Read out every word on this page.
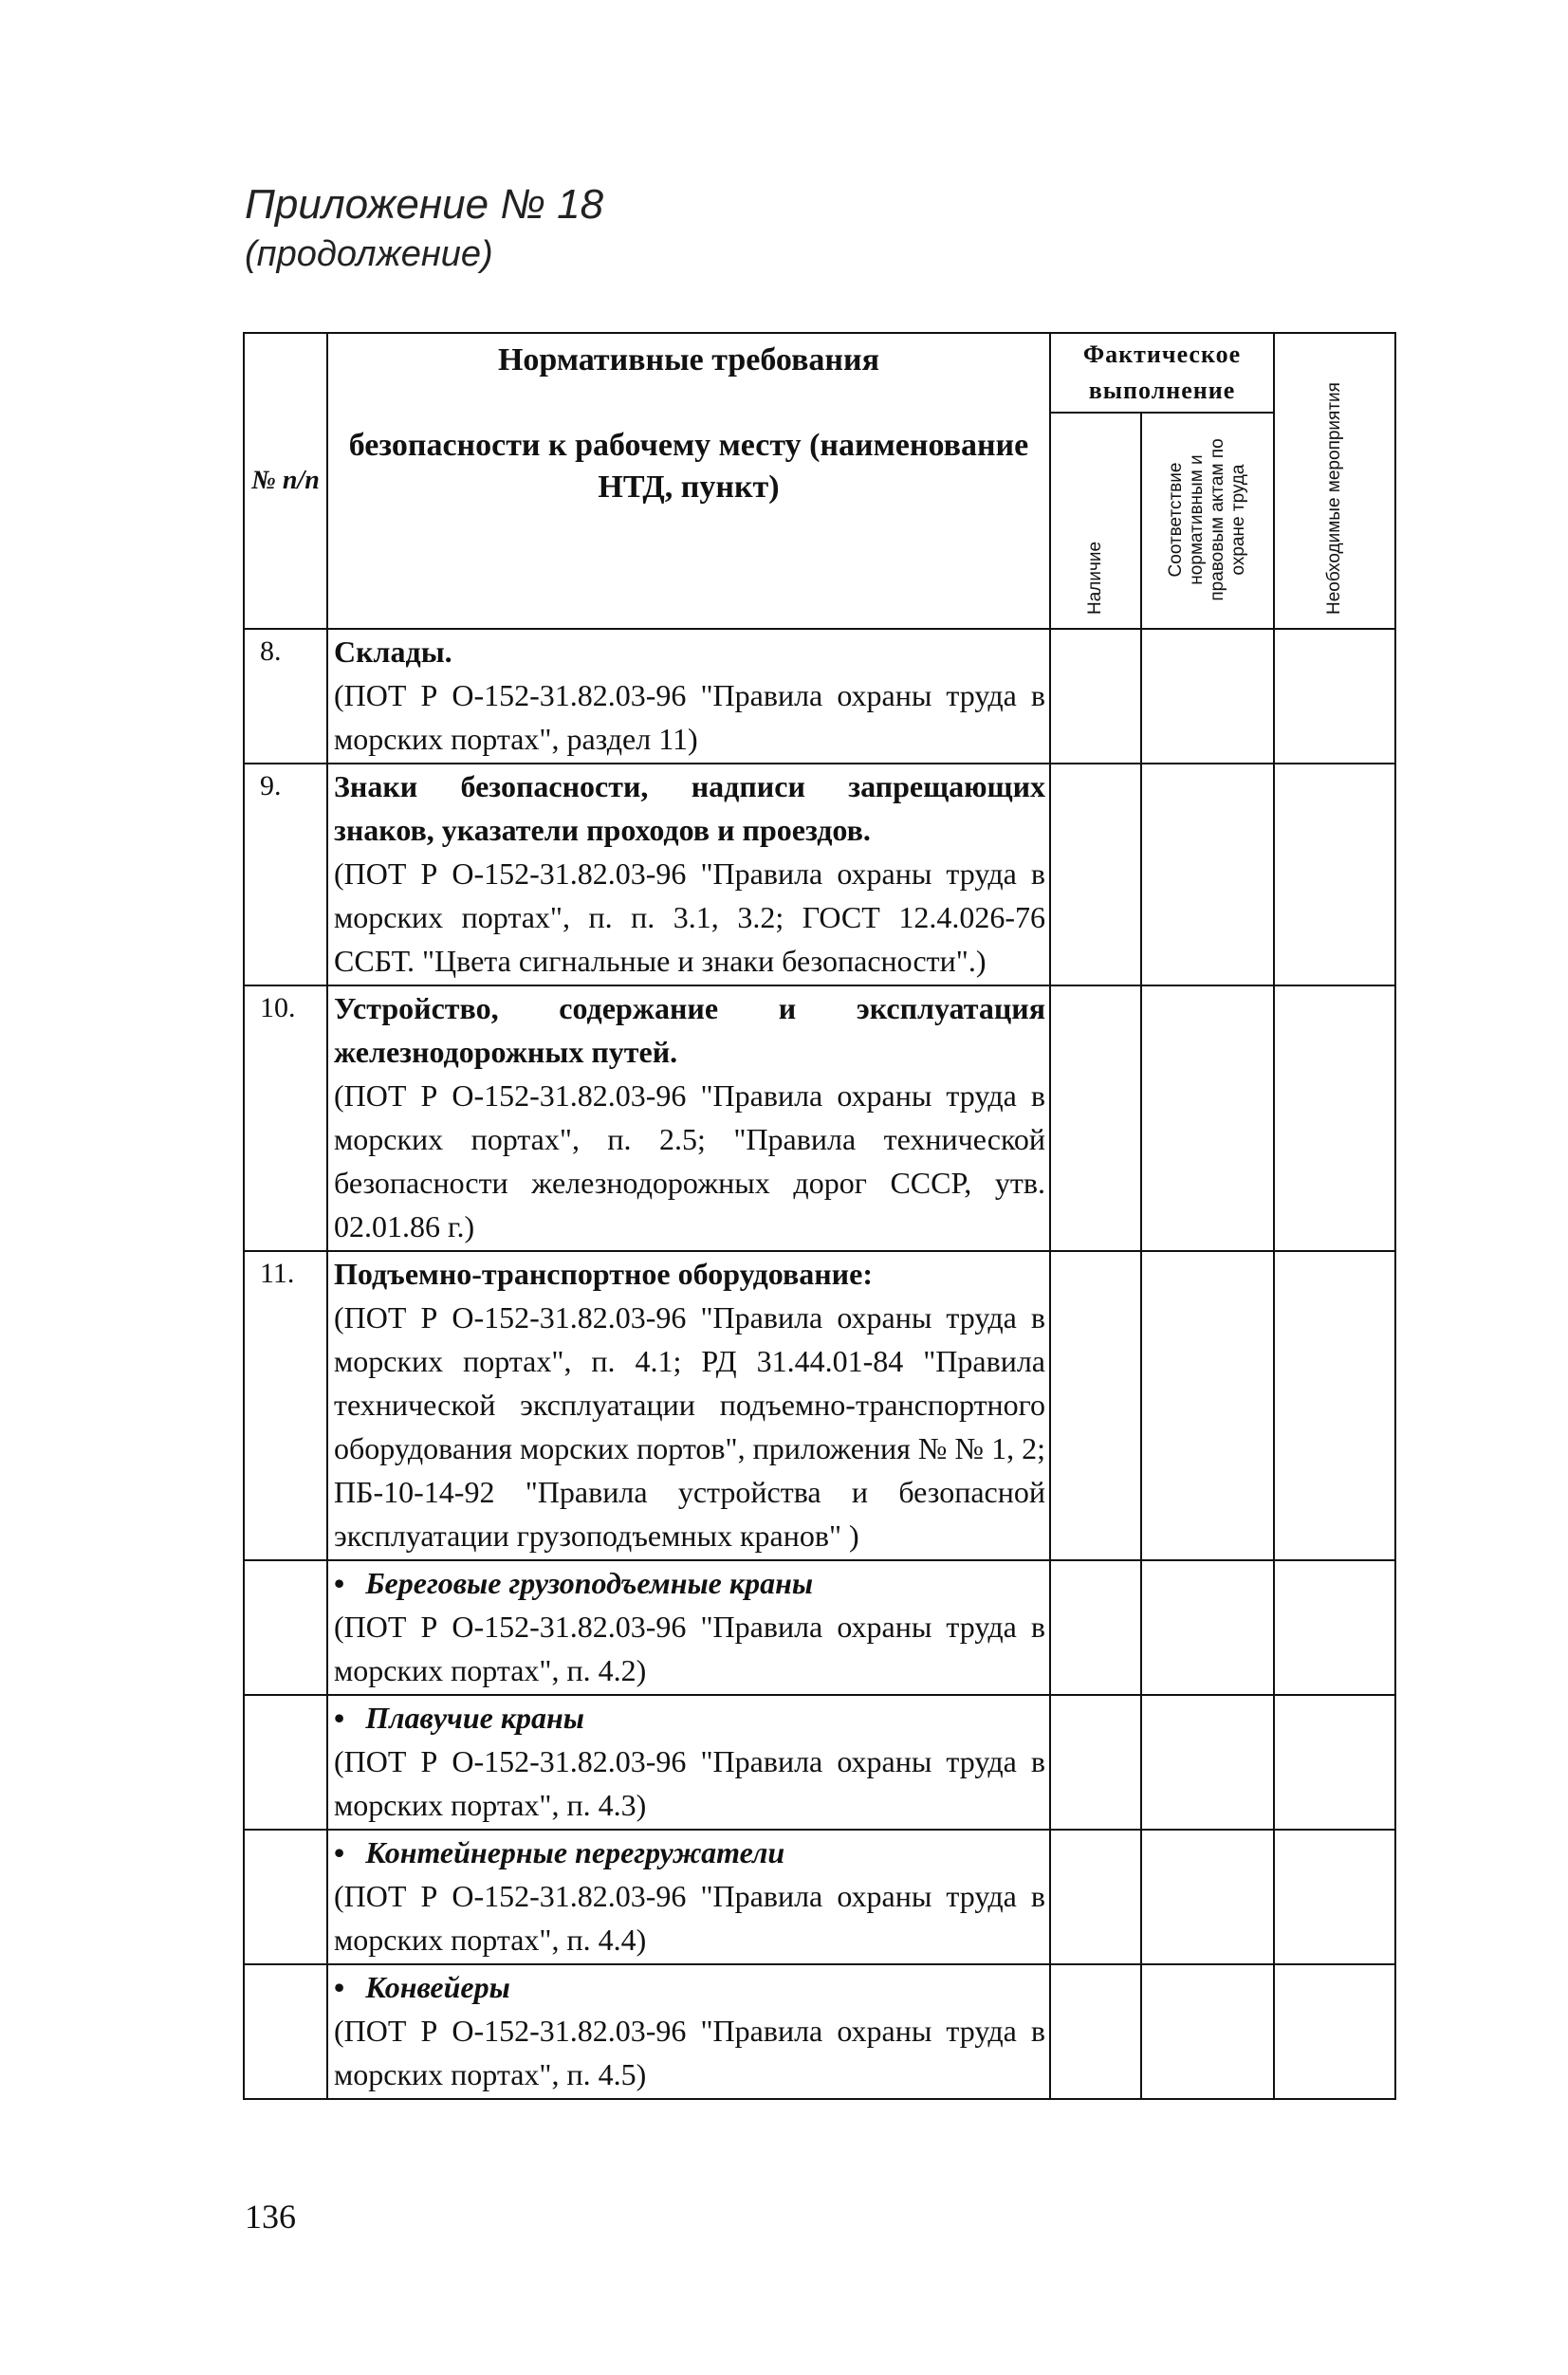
Приложение № 18
(продолжение)
№ п/п	Нормативные требования
безопасности к рабочему месту (наименование НТД, пункт)	Фактическое выполнение		Необходимые мероприятия

		Наличие	Соответствие нормативным и правовым актам по охране труда	

8.	Склады.
(ПОТ Р О-152-31.82.03-96 "Правила охраны труда в морских портах", раздел 11)			

9.	Знаки безопасности, надписи запрещающих знаков, указатели проходов и проездов.
(ПОТ Р О-152-31.82.03-96 "Правила охраны труда в морских портах", п. п. 3.1, 3.2; ГОСТ 12.4.026-76 ССБТ. "Цвета сигнальные и знаки безопасности".)			

10.	Устройство, содержание и эксплуатация железнодорожных путей.
(ПОТ Р О-152-31.82.03-96 "Правила охраны труда в морских портах", п. 2.5; "Правила технической безопасности железнодорожных дорог СССР, утв. 02.01.86 г.)			

11.	Подъемно-транспортное оборудование:
(ПОТ Р О-152-31.82.03-96 "Правила охраны труда в морских портах", п. 4.1; РД 31.44.01-84 "Правила технической эксплуатации подъемно-транспортного оборудования морских портов", приложения № № 1, 2; ПБ-10-14-92 "Правила устройства и безопасной эксплуатации грузоподъемных кранов" )			

	• Береговые грузоподъемные краны
(ПОТ Р О-152-31.82.03-96 "Правила охраны труда в морских портах", п. 4.2)			

	• Плавучие краны
(ПОТ Р О-152-31.82.03-96 "Правила охраны труда в морских портах", п. 4.3)			

	• Контейнерные перегружатели
(ПОТ Р О-152-31.82.03-96 "Правила охраны труда в морских портах", п. 4.4)			

	• Конвейеры
(ПОТ Р О-152-31.82.03-96 "Правила охраны труда в морских портах", п. 4.5)			

136
